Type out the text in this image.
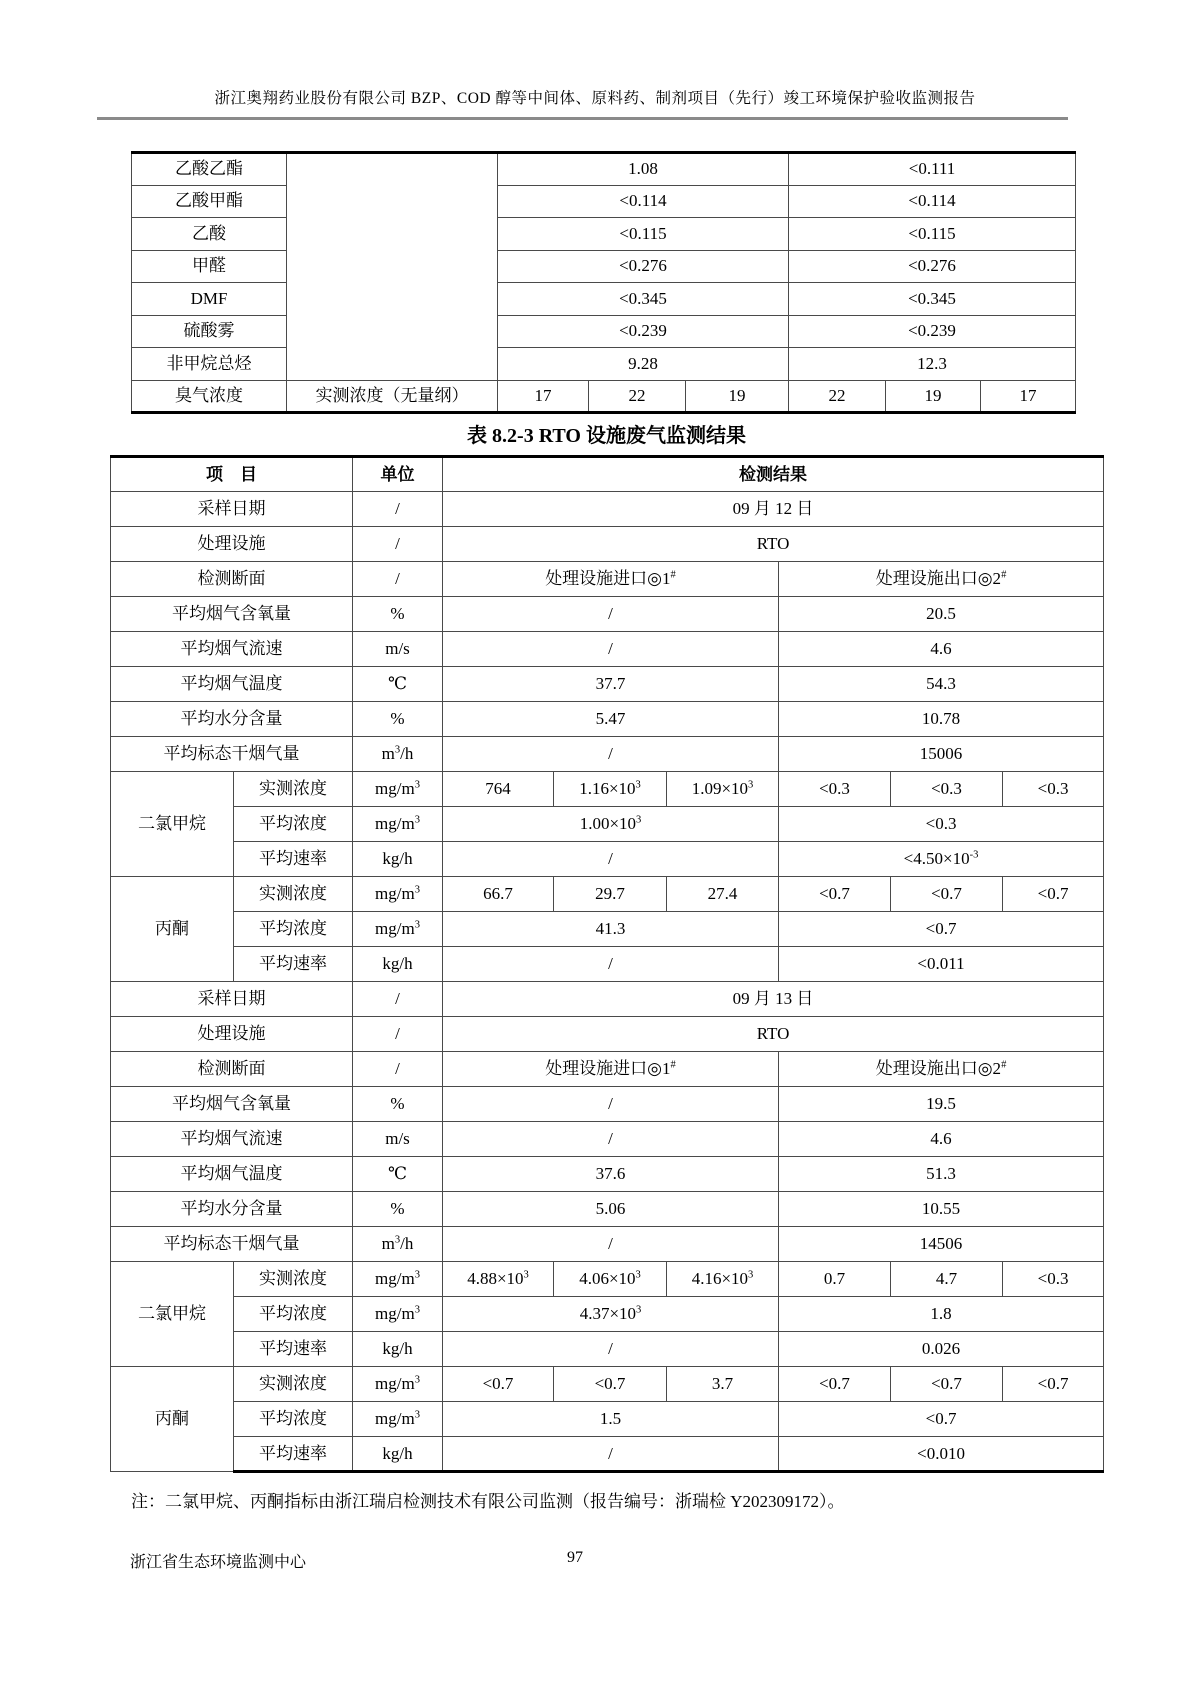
浙江奥翔药业股份有限公司 BZP、COD 醇等中间体、原料药、制剂项目（先行）竣工环境保护验收监测报告
乙酸乙酯		1.08			<0.111		
乙酸甲酯		<0.114			<0.114		
乙酸		<0.115			<0.115		
甲醛		<0.276			<0.276		
DMF		<0.345			<0.345		
硫酸雾		<0.239			<0.239		
非甲烷总烃		9.28			12.3		
臭气浓度	实测浓度（无量纲）	17	22	19	22	19	17
表 8.2-3 RTO 设施废气监测结果
项　目		单位	检测结果					
采样日期		/	09 月 12 日					
处理设施		/	RTO					
检测断面		/	处理设施进口◎1#			处理设施出口◎2#
平均烟气含氧量		%	/			20.5		
平均烟气流速		m/s	/			4.6		
平均烟气温度		℃	37.7			54.3		
平均水分含量		%	5.47			10.78		
平均标态干烟气量		$m^3/h$	/			15006		
二氯甲烷	实测浓度	$mg/m^3$	764	$1.16\times 10^3$	$1.09\times 10^3$	<0.3	<0.3	<0.3
	平均浓度	$mg/m^3$	$1.00\times 10^3$			<0.3		
	平均速率	kg/h	/			$<4.50\times 10^{-3}$
丙酮	实测浓度	$mg/m^3$	66.7	29.7	27.4	<0.7	<0.7	<0.7
	平均浓度	$mg/m^3$	41.3			<0.7		
	平均速率	kg/h	/			<0.011		
采样日期		/	09 月 13 日					
处理设施		/	RTO					
检测断面		/	处理设施进口◎1#			处理设施出口◎2#
平均烟气含氧量		%	/			19.5		
平均烟气流速		m/s	/			4.6		
平均烟气温度		℃	37.6			51.3		
平均水分含量		%	5.06			10.55		
平均标态干烟气量		$m^3/h$	/			14506		
二氯甲烷	实测浓度	$mg/m^3$	$4.88\times 10^3$	$4.06\times 10^3$	$4.16\times 10^3$	0.7	4.7	<0.3
	平均浓度	$mg/m^3$	$4.37\times 10^3$			1.8		
	平均速率	kg/h	/			0.026		
丙酮	实测浓度	$mg/m^3$	<0.7	<0.7	3.7	<0.7	<0.7	<0.7
	平均浓度	$mg/m^3$	1.5			<0.7		
	平均速率	kg/h	/			<0.010		
注：二氯甲烷、丙酮指标由浙江瑞启检测技术有限公司监测（报告编号：浙瑞检 Y202309172）。
浙江省生态环境监测中心	97
